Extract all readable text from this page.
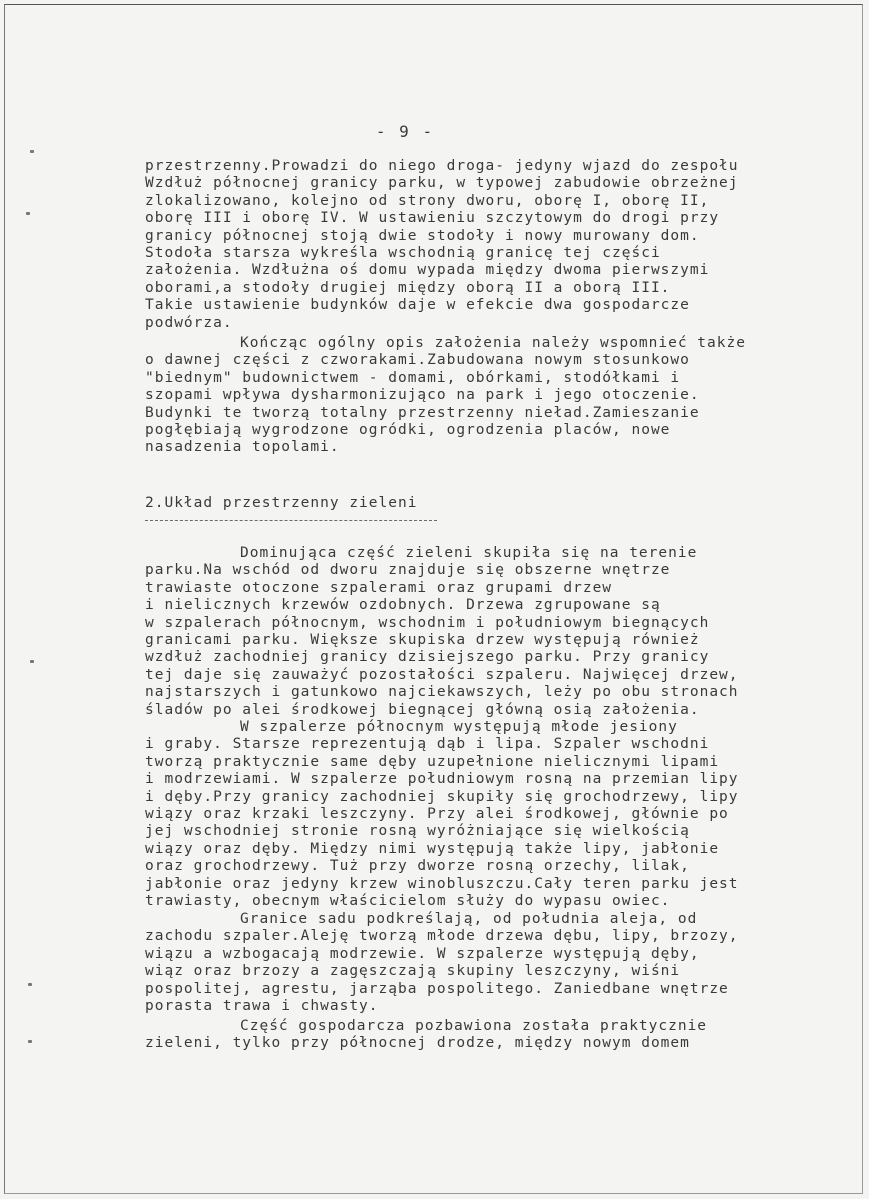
- 9 -
przestrzenny.Prowadzi do niego droga- jedyny wjazd do zespołu
Wzdłuż północnej granicy parku, w typowej zabudowie obrzeżnej
zlokalizowano, kolejno od strony dworu, oborę I, oborę II,
oborę III i oborę IV. W ustawieniu szczytowym do drogi przy
granicy północnej stoją dwie stodoły i nowy murowany dom.
Stodoła starsza wykreśla wschodnią granicę tej części
założenia. Wzdłużna oś domu wypada między dwoma pierwszymi
oborami,a stodoły drugiej między oborą II a oborą III.
Takie ustawienie budynków daje w efekcie dwa gospodarcze
podwórza.
Kończąc ogólny opis założenia należy wspomnieć także
o dawnej części z czworakami.Zabudowana nowym stosunkowo
"biednym" budownictwem - domami, obórkami, stodółkami i
szopami wpływa dysharmonizująco na park i jego otoczenie.
Budynki te tworzą totalny przestrzenny nieład.Zamieszanie
pogłębiają wygrodzone ogródki, ogrodzenia placów, nowe
nasadzenia topolami.
2.Układ przestrzenny zieleni
Dominująca część zieleni skupiła się na terenie
parku.Na wschód od dworu znajduje się obszerne wnętrze
trawiaste otoczone szpalerami oraz grupami drzew
i nielicznych krzewów ozdobnych. Drzewa zgrupowane są
w szpalerach północnym, wschodnim i południowym biegnących
granicami parku. Większe skupiska drzew występują również
wzdłuż zachodniej granicy dzisiejszego parku. Przy granicy
tej daje się zauważyć pozostałości szpaleru. Najwięcej drzew,
najstarszych i gatunkowo najciekawszych, leży po obu stronach
śladów po alei środkowej biegnącej główną osią założenia.
W szpalerze północnym występują młode jesiony
i graby. Starsze reprezentują dąb i lipa. Szpaler wschodni
tworzą praktycznie same dęby uzupełnione nielicznymi lipami
i modrzewiami. W szpalerze południowym rosną na przemian lipy
i dęby.Przy granicy zachodniej skupiły się grochodrzewy, lipy
wiązy oraz krzaki leszczyny. Przy alei środkowej, głównie po
jej wschodniej stronie rosną wyróżniające się wielkością
wiązy oraz dęby. Między nimi występują także lipy, jabłonie
oraz grochodrzewy. Tuż przy dworze rosną orzechy, lilak,
jabłonie oraz jedyny krzew winobluszczu.Cały teren parku jest
trawiasty, obecnym właścicielom służy do wypasu owiec.
Granice sadu podkreślają, od południa aleja, od
zachodu szpaler.Aleję tworzą młode drzewa dębu, lipy, brzozy,
wiązu a wzbogacają modrzewie. W szpalerze występują dęby,
wiąz oraz brzozy a zagęszczają skupiny leszczyny, wiśni
pospolitej, agrestu, jarząba pospolitego. Zaniedbane wnętrze
porasta trawa i chwasty.
Część gospodarcza pozbawiona została praktycznie
zieleni, tylko przy północnej drodze, między nowym domem
